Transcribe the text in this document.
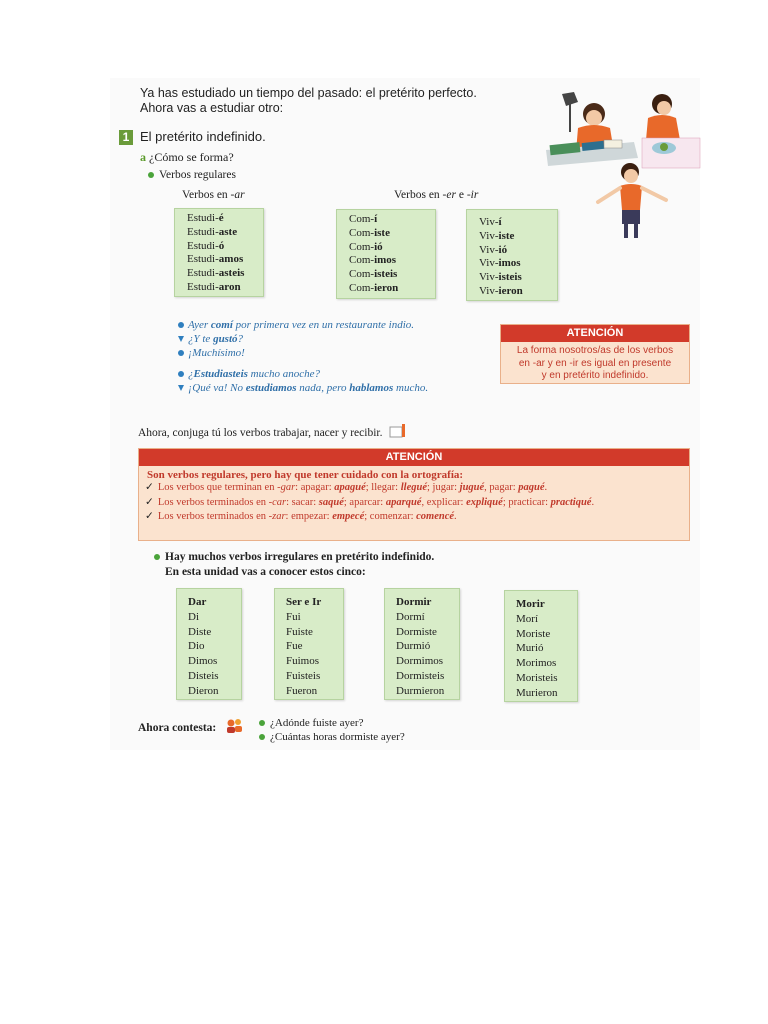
Ya has estudiado un tiempo del pasado: el pretérito perfecto.
Ahora vas a estudiar otro:
1 El pretérito indefinido.
a ¿Cómo se forma?
Verbos regulares
Verbos en -ar	Verbos en -er e -ir
Estudi-é
Estudi-aste
Estudi-ó
Estudi-amos
Estudi-asteis
Estudi-aron
Com-í
Com-iste
Com-ió
Com-imos
Com-isteis
Com-ieron
Viv-í
Viv-iste
Viv-ió
Viv-imos
Viv-isteis
Viv-ieron
Ayer comí por primera vez en un restaurante indio.
¿Y te gustó?
¡Muchísimo!
¿Estudiasteis mucho anoche?
¡Qué va! No estudiamos nada, pero hablamos mucho.
ATENCIÓN
La forma nosotros/as de los verbos
en -ar y en -ir es igual en presente
y en pretérito indefinido.
Ahora, conjuga tú los verbos trabajar, nacer y recibir.
ATENCIÓN
Son verbos regulares, pero hay que tener cuidado con la ortografía:
✓ Los verbos que terminan en -gar: apagar: apagué; llegar: llegué; jugar: jugué, pagar: pagué.
✓ Los verbos terminados en -car: sacar: saqué; aparcar: aparqué, explicar: expliqué; practicar: practiqué.
✓ Los verbos terminados en -zar: empezar: empecé; comenzar: comencé.
Hay muchos verbos irregulares en pretérito indefinido.
En esta unidad vas a conocer estos cinco:
Dar
Di
Diste
Dio
Dimos
Disteis
Dieron
Ser e Ir
Fui
Fuiste
Fue
Fuimos
Fuisteis
Fueron
Dormir
Dormí
Dormiste
Durmió
Dormimos
Dormisteis
Durmieron
Morir
Morí
Moriste
Murió
Morimos
Moristeis
Murieron
Ahora contesta:	¿Adónde fuiste ayer?
¿Cuántas horas dormiste ayer?
